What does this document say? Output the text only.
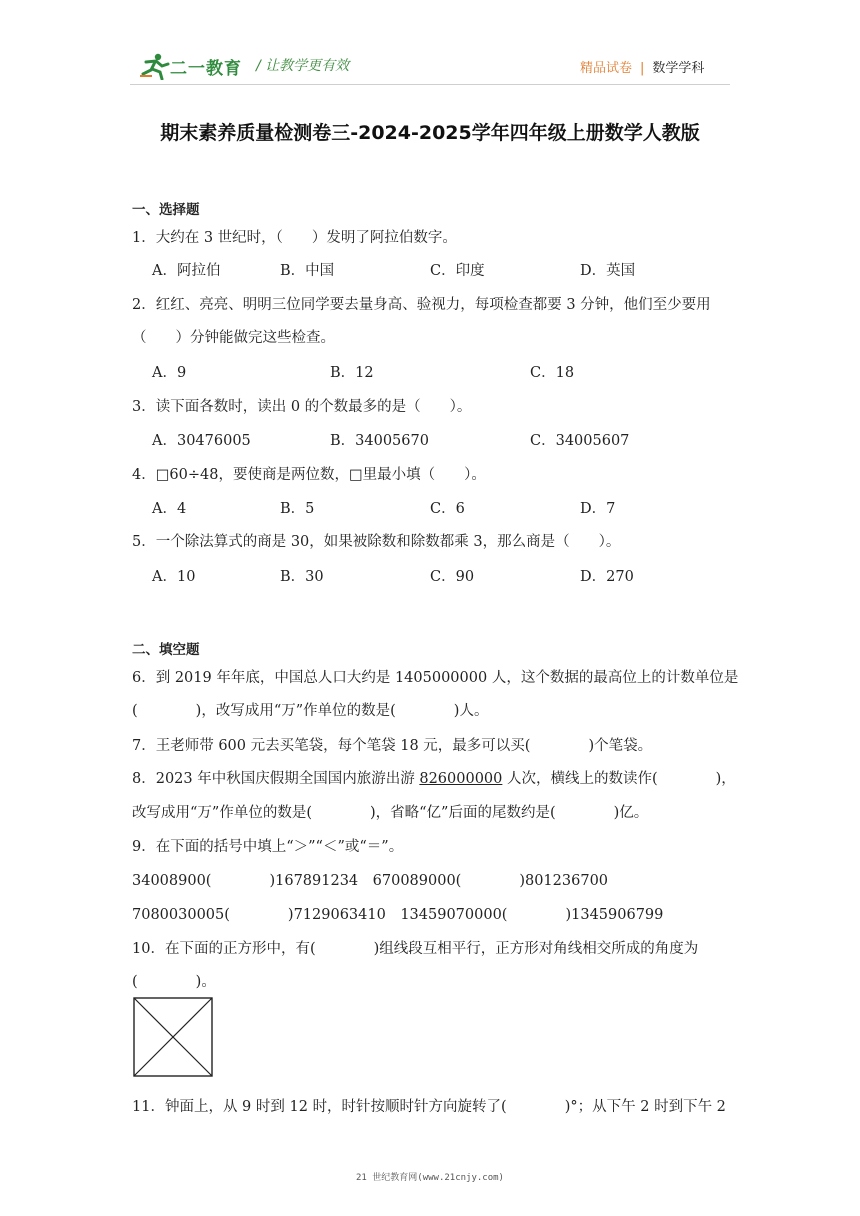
二一教育 / 让教学更有效	精品试卷 | 数学学科
期末素养质量检测卷三-2024-2025学年四年级上册数学人教版
一、选择题
1．大约在 3 世纪时，（　　）发明了阿拉伯数字。
A．阿拉伯	B．中国	C．印度	D．英国
2．红红、亮亮、明明三位同学要去量身高、验视力，每项检查都要 3 分钟，他们至少要用
（　　）分钟能做完这些检查。
A．9	B．12	C．18
3．读下面各数时，读出 0 的个数最多的是（　　）。
A．30476005	B．34005670	C．34005607
4．□60÷48，要使商是两位数，□里最小填（　　）。
A．4	B．5	C．6	D．7
5．一个除法算式的商是 30，如果被除数和除数都乘 3，那么商是（　　）。
A．10	B．30	C．90	D．270
二、填空题
6．到 2019 年年底，中国总人口大约是 1405000000 人，这个数据的最高位上的计数单位是
(　　　　)，改写成用“万”作单位的数是(　　　　)人。
7．王老师带 600 元去买笔袋，每个笔袋 18 元，最多可以买(　　　　)个笔袋。
8．2023 年中秋国庆假期全国国内旅游出游 826000000 人次，横线上的数读作(　　　　)，
改写成用“万”作单位的数是(　　　　)，省略“亿”后面的尾数约是(　　　　)亿。
9．在下面的括号中填上“＞”“＜”或“＝”。
34008900(　　　　)167891234　670089000(　　　　)801236700
7080030005(　　　　)7129063410　13459070000(　　　　)1345906799
10．在下面的正方形中，有(　　　　)组线段互相平行，正方形对角线相交所成的角度为
(　　　　)。
11．钟面上，从 9 时到 12 时，时针按顺时针方向旋转了(　　　　)°；从下午 2 时到下午 2
21 世纪教育网(www.21cnjy.com)
